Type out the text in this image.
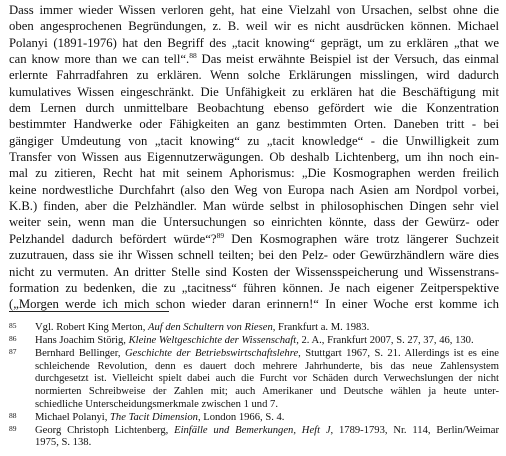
Dass immer wieder Wissen verloren geht, hat eine Vielzahl von Ursachen, selbst ohne die
oben angesprochenen Begründungen, z. B. weil wir es nicht ausdrücken können. Michael
Polanyi (1891-1976) hat den Begriff des „tacit knowing“ geprägt, um zu erklären „that we
can know more than we can tell“.$^{88}$ Das meist erwähnte Beispiel ist der Versuch, das einmal
erlernte Fahrradfahren zu erklären. Wenn solche Erklärungen misslingen, wird dadurch
kumulatives Wissen eingeschränkt. Die Unfähigkeit zu erklären hat die Beschäftigung mit
dem Lernen durch unmittelbare Beobachtung ebenso gefördert wie die Konzentration
bestimmter Handwerke oder Fähigkeiten an ganz bestimmten Orten. Daneben tritt - bei
gängiger Umdeutung von „tacit knowing“ zu „tacit knowledge“ - die Unwilligkeit zum
Transfer von Wissen aus Eigennutzerwägungen. Ob deshalb Lichtenberg, um ihn noch ein-
mal zu zitieren, Recht hat mit seinem Aphorismus: „Die Kosmographen werden freilich
keine nordwestliche Durchfahrt (also den Weg von Europa nach Asien am Nordpol vorbei,
K.B.) finden, aber die Pelzhändler. Man würde selbst in philosophischen Dingen sehr viel
weiter sein, wenn man die Untersuchungen so einrichten könnte, dass der Gewürz- oder
Pelzhandel dadurch befördert würde“?$^{89}$ Den Kosmographen wäre trotz längerer Suchzeit
zuzutrauen, dass sie ihr Wissen schnell teilten; bei den Pelz- oder Gewürzhändlern wäre dies
nicht zu vermuten. An dritter Stelle sind Kosten der Wissensspeicherung und Wissenstrans-
formation zu bedenken, die zu „tacitness“ führen können. Je nach eigener Zeitperspektive
(„Morgen werde ich mich schon wieder daran erinnern!“ In einer Woche erst komme ich

85	Vgl. Robert King Merton, Auf den Schultern von Riesen, Frankfurt a. M. 1983.
86	Hans Joachim Störig, Kleine Weltgeschichte der Wissenschaft, 2. A., Frankfurt 2007, S. 27, 37, 46, 130.
87	Bernhard Bellinger, Geschichte der Betriebswirtschaftslehre, Stuttgart 1967, S. 21. Allerdings ist es eine
schleichende Revolution, denn es dauert doch mehrere Jahrhunderte, bis das neue Zahlensystem
durchgesetzt ist. Vielleicht spielt dabei auch die Furcht vor Schäden durch Verwechslungen der nicht
normierten Schreibweise der Zahlen mit; auch Amerikaner und Deutsche wählen ja heute unter-
schiedliche Unterscheidungsmerkmale zwischen 1 und 7.
88	Michael Polanyi, The Tacit Dimension, London 1966, S. 4.
89	Georg Christoph Lichtenberg, Einfälle und Bemerkungen, Heft J, 1789-1793, Nr. 114, Berlin/Weimar
1975, S. 138.
